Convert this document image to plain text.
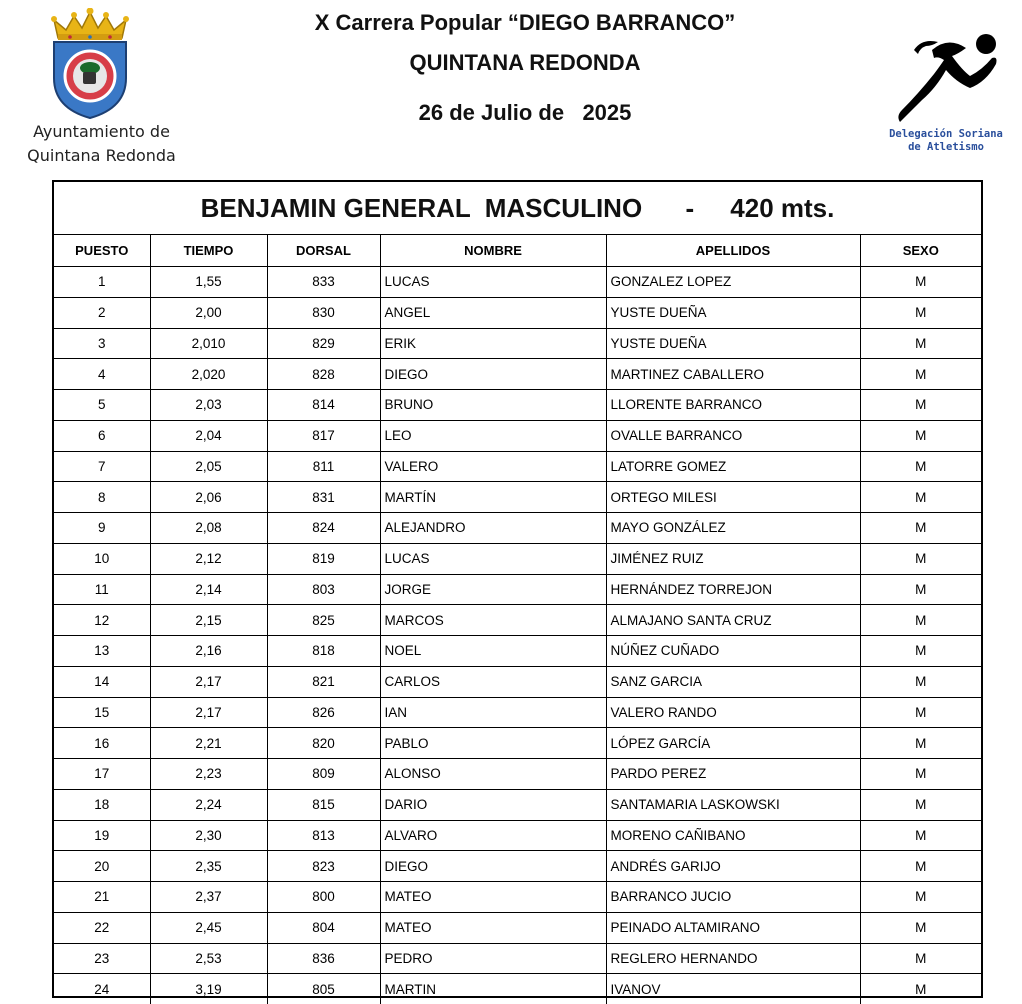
Ayuntamiento de
Quintana Redonda
X Carrera Popular “DIEGO BARRANCO”
QUINTANA REDONDA
26 de Julio de   2025
Delegación Soriana
de Atletismo
BENJAMIN GENERAL  MASCULINO      -     420 mts.
PUESTO	TIEMPO	DORSAL	NOMBRE	APELLIDOS	SEXO
1	1,55	833	LUCAS	GONZALEZ LOPEZ	M
2	2,00	830	ANGEL	YUSTE DUEÑA	M
3	2,010	829	ERIK	YUSTE DUEÑA	M
4	2,020	828	DIEGO	MARTINEZ CABALLERO	M
5	2,03	814	BRUNO	LLORENTE BARRANCO	M
6	2,04	817	LEO	OVALLE BARRANCO	M
7	2,05	811	VALERO	LATORRE GOMEZ	M
8	2,06	831	MARTÍN	ORTEGO MILESI	M
9	2,08	824	ALEJANDRO	MAYO GONZÁLEZ	M
10	2,12	819	LUCAS	JIMÉNEZ RUIZ	M
11	2,14	803	JORGE	HERNÁNDEZ TORREJON	M
12	2,15	825	MARCOS	ALMAJANO SANTA CRUZ	M
13	2,16	818	NOEL	NÚÑEZ CUÑADO	M
14	2,17	821	CARLOS	SANZ GARCIA	M
15	2,17	826	IAN	VALERO RANDO	M
16	2,21	820	PABLO	LÓPEZ GARCÍA	M
17	2,23	809	ALONSO	PARDO PEREZ	M
18	2,24	815	DARIO	SANTAMARIA LASKOWSKI	M
19	2,30	813	ALVARO	MORENO CAÑIBANO	M
20	2,35	823	DIEGO	ANDRÉS GARIJO	M
21	2,37	800	MATEO	BARRANCO JUCIO	M
22	2,45	804	MATEO	PEINADO ALTAMIRANO	M
23	2,53	836	PEDRO	REGLERO HERNANDO	M
24	3,19	805	MARTIN	IVANOV	M
